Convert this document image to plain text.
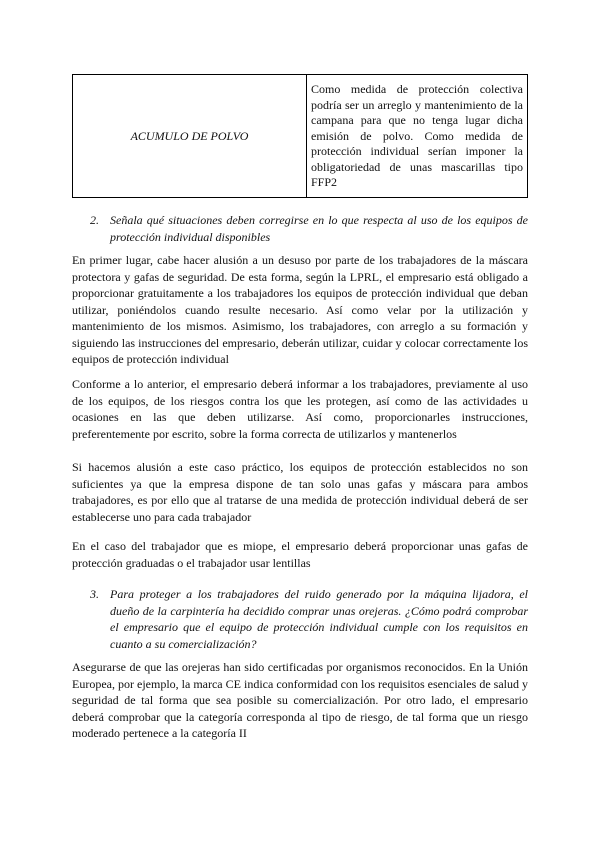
ACUMULO DE POLVO	Como medida de protección colectiva podría ser un arreglo y mantenimiento de la campana para que no tenga lugar dicha emisión de polvo. Como medida de protección individual serían imponer la obligatoriedad de unas mascarillas tipo FFP2
2. Señala qué situaciones deben corregirse en lo que respecta al uso de los equipos de protección individual disponibles

En primer lugar, cabe hacer alusión a un desuso por parte de los trabajadores de la máscara protectora y gafas de seguridad. De esta forma, según la LPRL, el empresario está obligado a proporcionar gratuitamente a los trabajadores los equipos de protección individual que deban utilizar, poniéndolos cuando resulte necesario. Así como velar por la utilización y mantenimiento de los mismos. Asimismo, los trabajadores, con arreglo a su formación y siguiendo las instrucciones del empresario, deberán utilizar, cuidar y colocar correctamente los equipos de protección individual

Conforme a lo anterior, el empresario deberá informar a los trabajadores, previamente al uso de los equipos, de los riesgos contra los que les protegen, así como de las actividades u ocasiones en las que deben utilizarse. Así como, proporcionarles instrucciones, preferentemente por escrito, sobre la forma correcta de utilizarlos y mantenerlos

Si hacemos alusión a este caso práctico, los equipos de protección establecidos no son suficientes ya que la empresa dispone de tan solo unas gafas y máscara para ambos trabajadores, es por ello que al tratarse de una medida de protección individual deberá de ser establecerse uno para cada trabajador

En el caso del trabajador que es miope, el empresario deberá proporcionar unas gafas de protección graduadas o el trabajador usar lentillas

3. Para proteger a los trabajadores del ruido generado por la máquina lijadora, el dueño de la carpintería ha decidido comprar unas orejeras. ¿Cómo podrá comprobar el empresario que el equipo de protección individual cumple con los requisitos en cuanto a su comercialización?

Asegurarse de que las orejeras han sido certificadas por organismos reconocidos. En la Unión Europea, por ejemplo, la marca CE indica conformidad con los requisitos esenciales de salud y seguridad de tal forma que sea posible su comercialización. Por otro lado, el empresario deberá comprobar que la categoría corresponda al tipo de riesgo, de tal forma que un riesgo moderado pertenece a la categoría II
